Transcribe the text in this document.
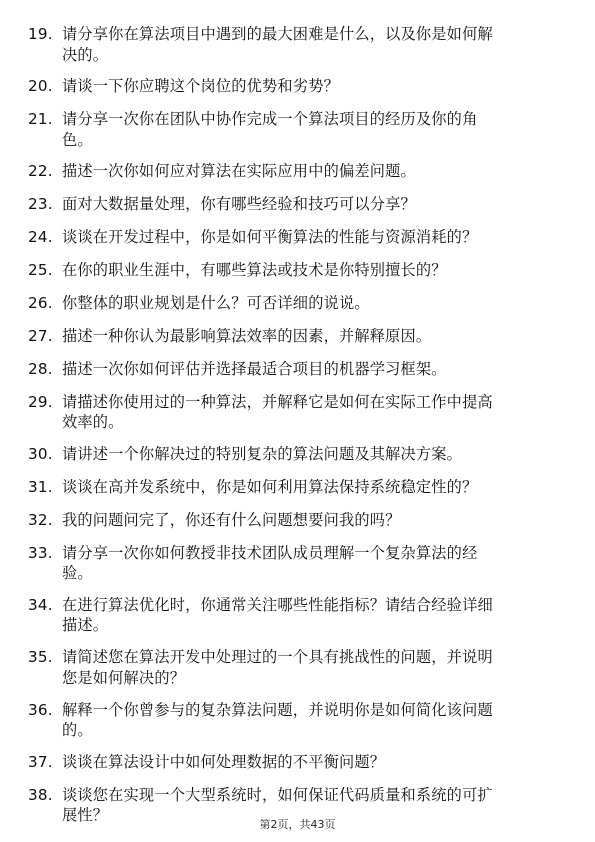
19. 请分享你在算法项目中遇到的最大困难是什么，以及你是如何解
决的。
20. 请谈一下你应聘这个岗位的优势和劣势？
21. 请分享一次你在团队中协作完成一个算法项目的经历及你的角
色。
22. 描述一次你如何应对算法在实际应用中的偏差问题。
23. 面对大数据量处理，你有哪些经验和技巧可以分享？
24. 谈谈在开发过程中，你是如何平衡算法的性能与资源消耗的？
25. 在你的职业生涯中，有哪些算法或技术是你特别擅长的？
26. 你整体的职业规划是什么？可否详细的说说。
27. 描述一种你认为最影响算法效率的因素，并解释原因。
28. 描述一次你如何评估并选择最适合项目的机器学习框架。
29. 请描述你使用过的一种算法，并解释它是如何在实际工作中提高
效率的。
30. 请讲述一个你解决过的特别复杂的算法问题及其解决方案。
31. 谈谈在高并发系统中，你是如何利用算法保持系统稳定性的？
32. 我的问题问完了，你还有什么问题想要问我的吗？
33. 请分享一次你如何教授非技术团队成员理解一个复杂算法的经
验。
34. 在进行算法优化时，你通常关注哪些性能指标？请结合经验详细
描述。
35. 请简述您在算法开发中处理过的一个具有挑战性的问题，并说明
您是如何解决的？
36. 解释一个你曾参与的复杂算法问题，并说明你是如何简化该问题
的。
37. 谈谈在算法设计中如何处理数据的不平衡问题？
38. 谈谈您在实现一个大型系统时，如何保证代码质量和系统的可扩
展性？
第2页，共43页
